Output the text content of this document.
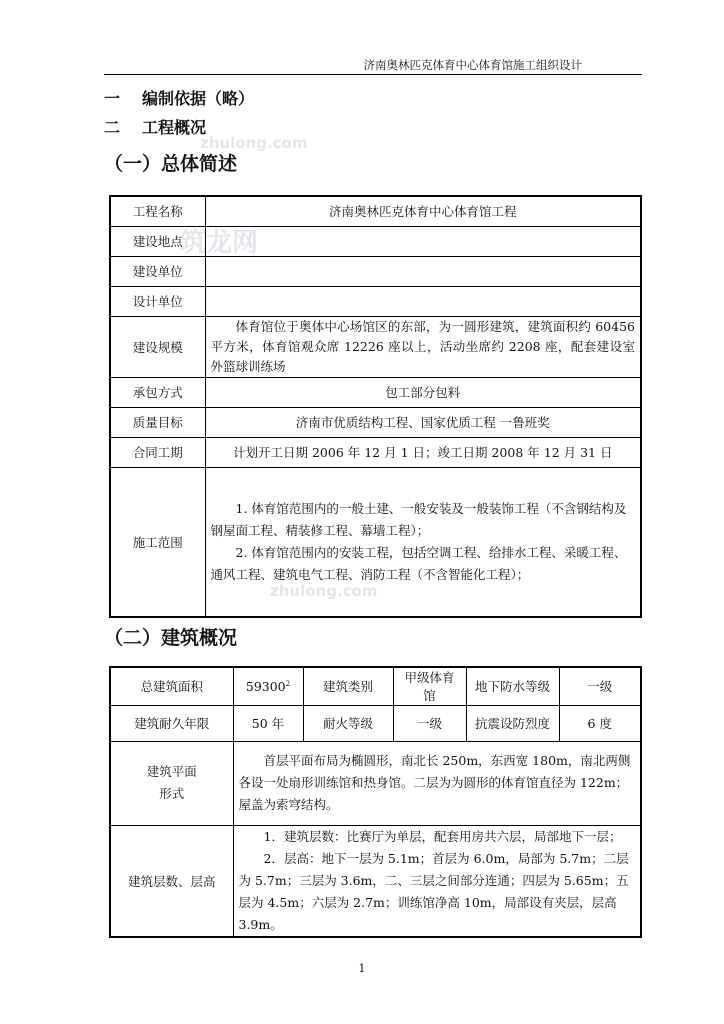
zhulong.com
筑龙网
zhulong.com
济南奥林匹克体育中心体育馆施工组织设计
一 编制依据（略）
二 工程概况
（一）总体简述
工程名称	济南奥林匹克体育中心体育馆工程
建设地点	
建设单位	
设计单位	
建设规模	体育馆位于奥体中心场馆区的东部，为一圆形建筑，建筑面积约 60456 平方米，体育馆观众席 12226 座以上，活动坐席约 2208 座，配套建设室外篮球训练场
承包方式	包工部分包料
质量目标	济南市优质结构工程、国家优质工程 一鲁班奖
合同工期	计划开工日期 2006 年 12 月 1 日；竣工日期 2008 年 12 月 31 日
施工范围	1. 体育馆范围内的一般土建、一般安装及一般装饰工程（不含钢结构及钢屋面工程、精装修工程、幕墙工程）；
2. 体育馆范围内的安装工程，包括空调工程、给排水工程、采暖工程、通风工程、建筑电气工程、消防工程（不含智能化工程）；
（二）建筑概况
总建筑面积	59300$^2$	建筑类别	甲级体育馆	地下防水等级	一级
建筑耐久年限	50 年	耐火等级	一级	抗震设防烈度	6 度

建筑平面
形式	首层平面布局为椭圆形，南北长 250m，东西宽 180m，南北两侧各设一处扇形训练馆和热身馆。二层为为圆形的体育馆直径为 122m；屋盖为索穹结构。				
建筑层数、层高	1．建筑层数：比赛厅为单层，配套用房共六层，局部地下一层；
2．层高：地下一层为 5.1m；首层为 6.0m，局部为 5.7m；二层为 5.7m；三层为 3.6m，二、三层之间部分连通；四层为 5.65m；五层为 4.5m；六层为 2.7m；训练馆净高 10m，局部设有夹层，层高 3.9m。				
1
